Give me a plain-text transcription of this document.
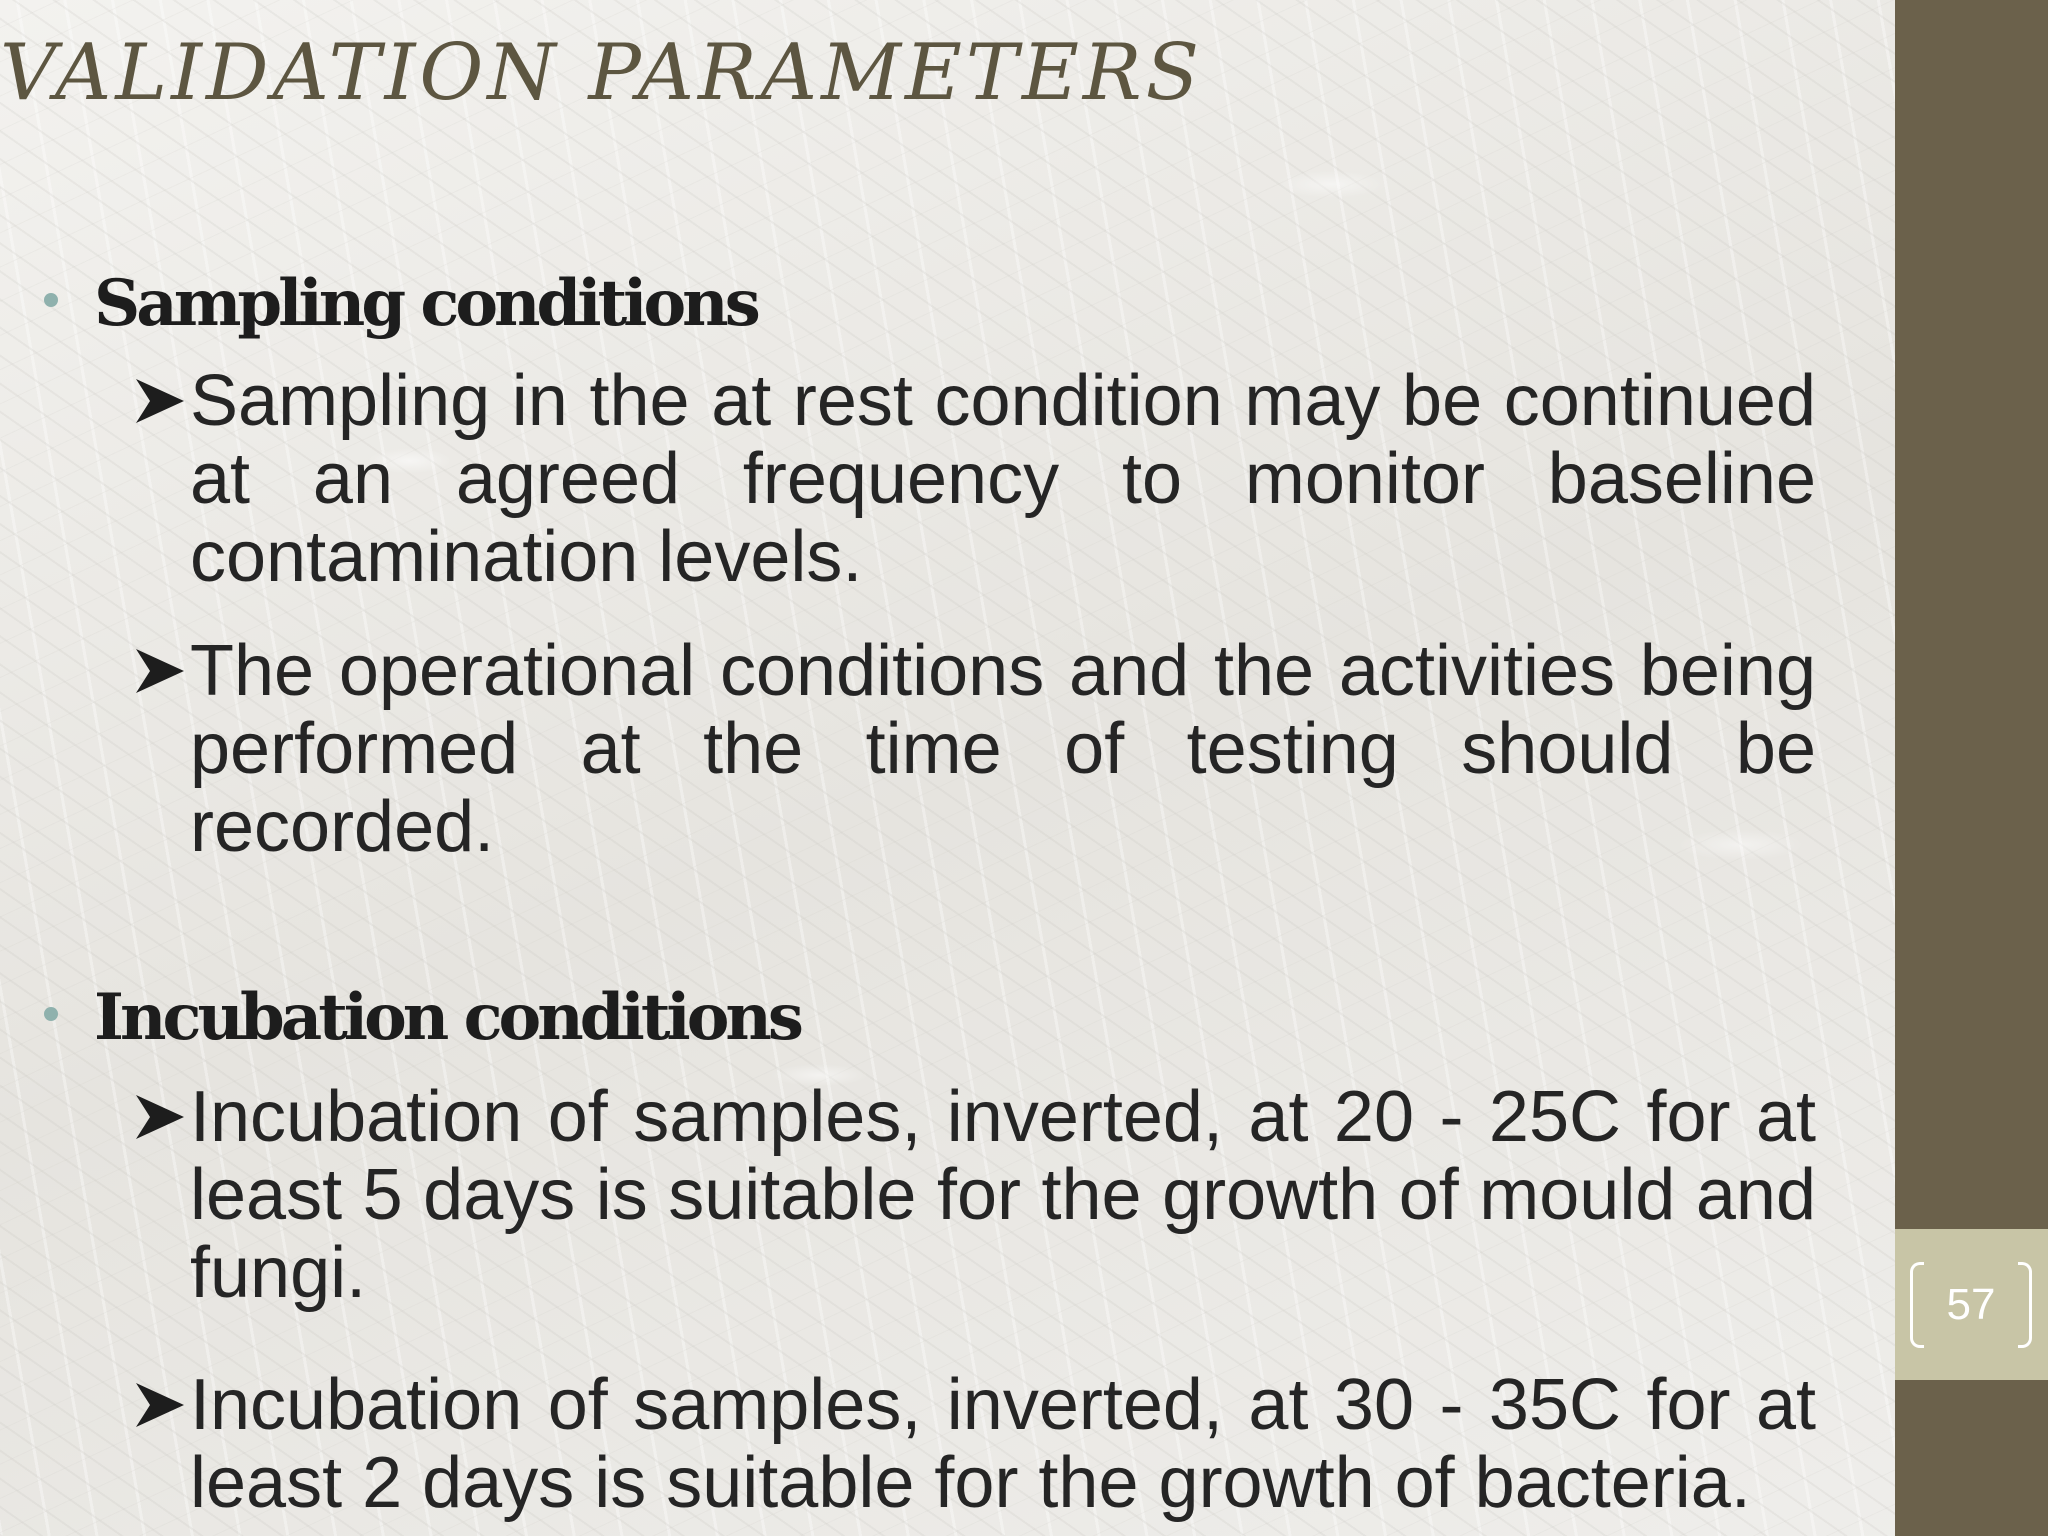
VALIDATION PARAMETERS
Sampling conditions
Sampling in the at rest condition may be continued at an agreed frequency to monitor baseline contamination levels.
The operational conditions and the activities being performed at the time of testing should be recorded.
Incubation conditions
Incubation of samples, inverted, at 20 - 25C for at least 5 days is suitable for the growth of mould and fungi.
Incubation of samples, inverted, at 30 - 35C for at least 2 days is suitable for the growth of bacteria.
57
